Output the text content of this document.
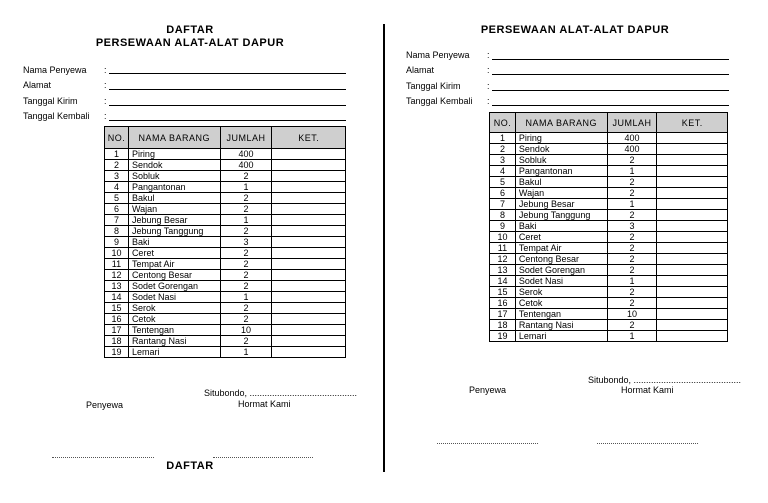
DAFTAR
PERSEWAAN ALAT-ALAT DAPUR
Nama Penyewa :
Alamat	:
Tanggal Kirim	:
Tanggal Kembali :
NO.	NAMA BARANG	JUMLAH	KET.
1	Piring	400	
2	Sendok	400	
3	Sobluk	2	
4	Pangantonan	1	
5	Bakul	2	
6	Wajan	2	
7	Jebung Besar	1	
8	Jebung Tanggung	2	
9	Baki	3	
10	Ceret	2	
11	Tempat Air	2	
12	Centong Besar	2	
13	Sodet Gorengan	2	
14	Sodet Nasi	1	
15	Serok	2	
16	Cetok	2	
17	Tentengan	10	
18	Rantang Nasi	2	
19	Lemari	1	
Situbondo, ...........................................
Penyewa	Hormat Kami
DAFTAR
PERSEWAAN ALAT-ALAT DAPUR
Nama Penyewa :
Alamat	:
Tanggal Kirim	:
Tanggal Kembali :
NO.	NAMA BARANG	JUMLAH	KET.
1	Piring	400	
2	Sendok	400	
3	Sobluk	2	
4	Pangantonan	1	
5	Bakul	2	
6	Wajan	2	
7	Jebung Besar	1	
8	Jebung Tanggung	2	
9	Baki	3	
10	Ceret	2	
11	Tempat Air	2	
12	Centong Besar	2	
13	Sodet Gorengan	2	
14	Sodet Nasi	1	
15	Serok	2	
16	Cetok	2	
17	Tentengan	10	
18	Rantang Nasi	2	
19	Lemari	1	
Situbondo, ...........................................
Penyewa	Hormat Kami
